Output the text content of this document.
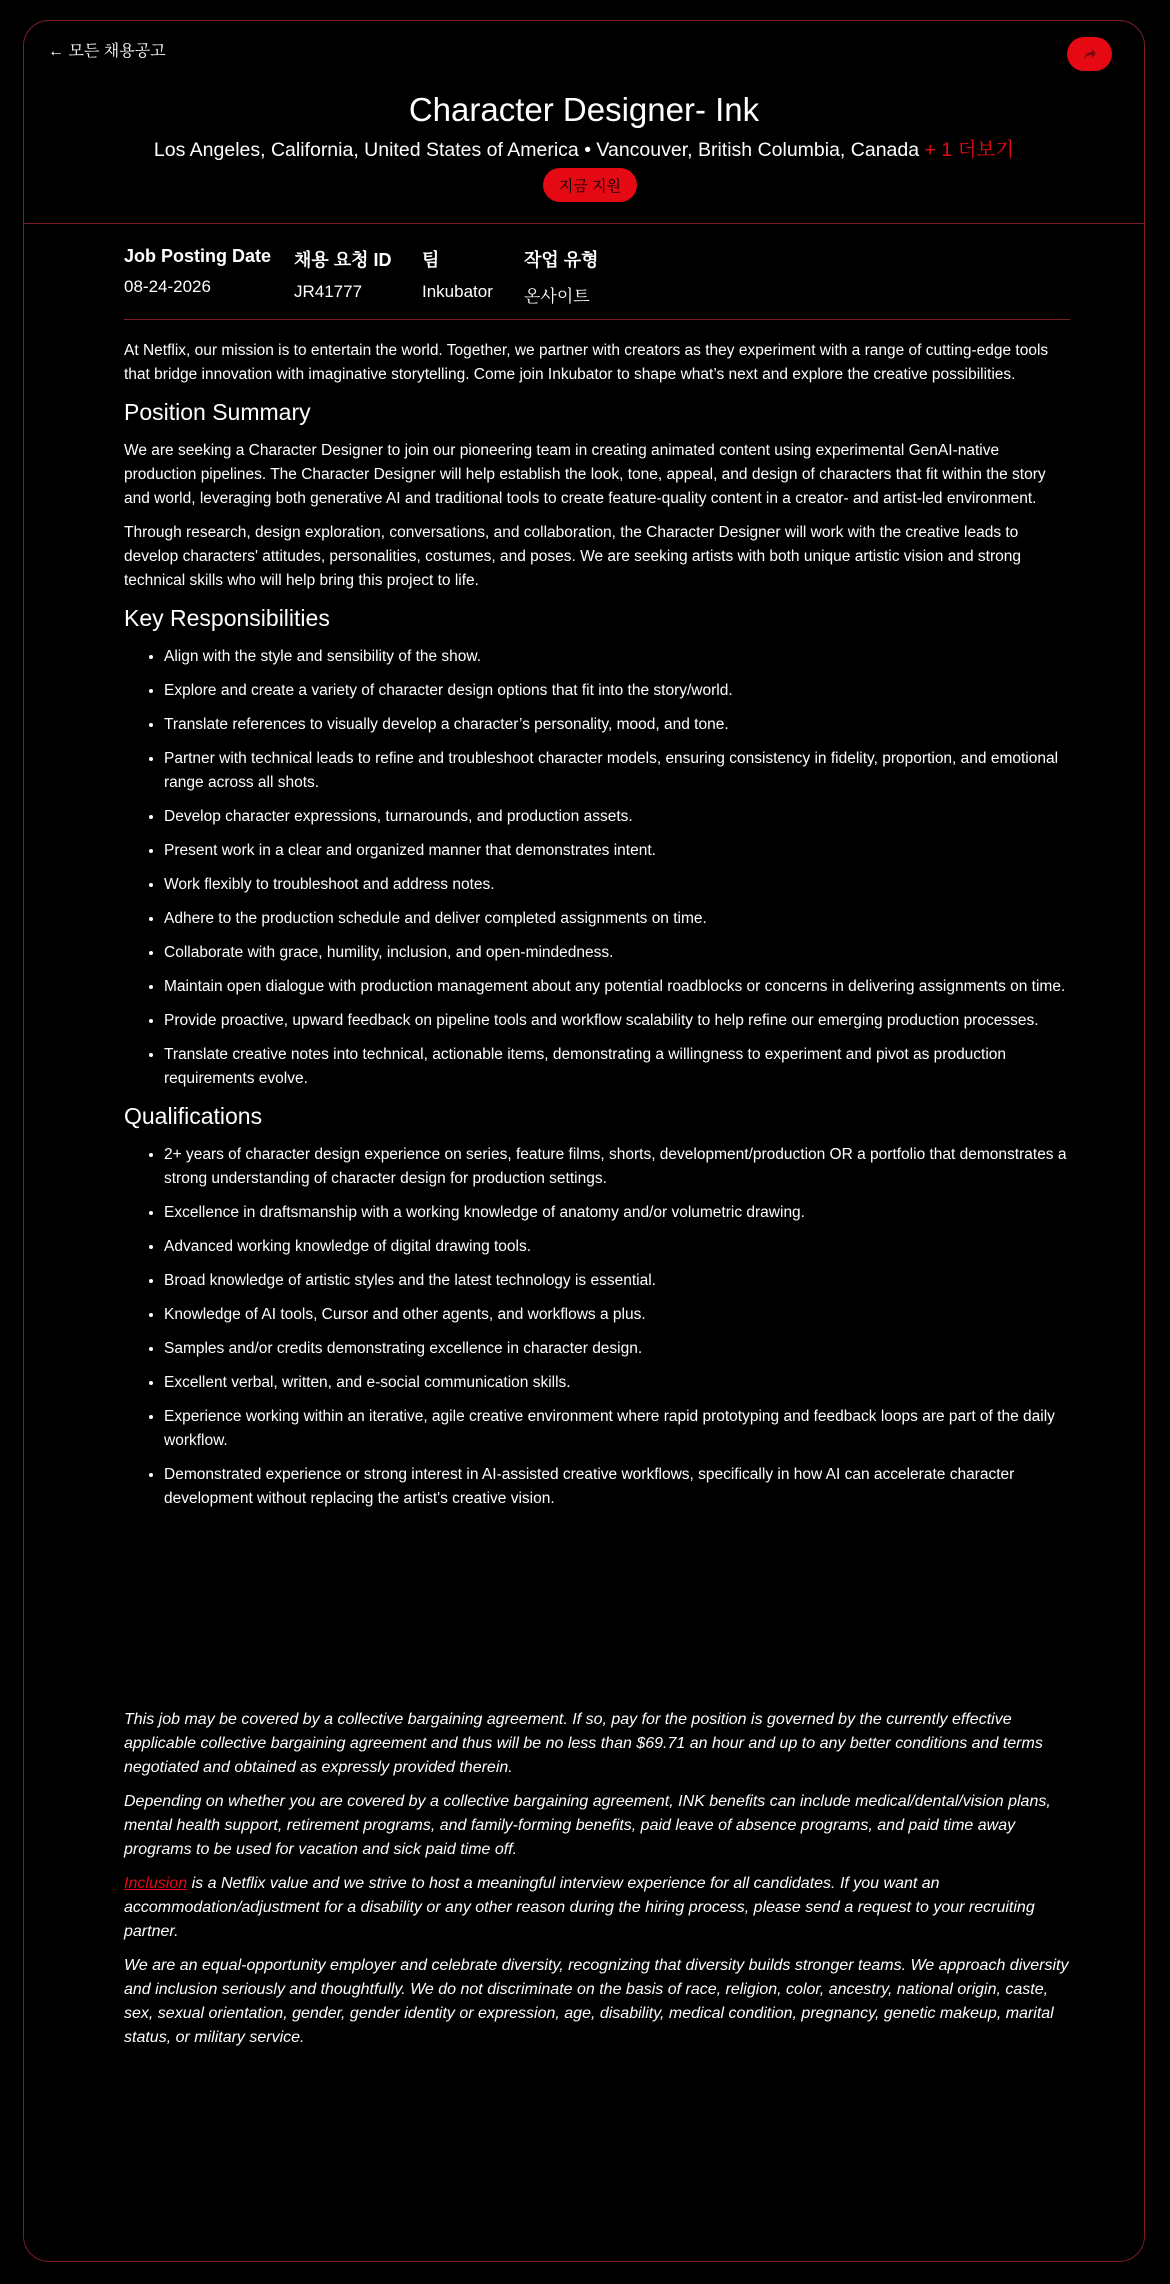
← 모든 채용공고
Character Designer- Ink
Los Angeles, California, United States of America • Vancouver, British Columbia, Canada + 1 더보기
지금 지원
Job Posting Date
08-24-2026
채용 요청 ID
JR41777
팀
Inkubator
작업 유형
온사이트

At Netflix, our mission is to entertain the world. Together, we partner with creators as they experiment with a range of cutting-edge tools that bridge innovation with imaginative storytelling. Come join Inkubator to shape what’s next and explore the creative possibilities.

Position Summary

We are seeking a Character Designer to join our pioneering team in creating animated content using experimental GenAI-native production pipelines. The Character Designer will help establish the look, tone, appeal, and design of characters that fit within the story and world, leveraging both generative AI and traditional tools to create feature-quality content in a creator- and artist-led environment.

Through research, design exploration, conversations, and collaboration, the Character Designer will work with the creative leads to develop characters' attitudes, personalities, costumes, and poses. We are seeking artists with both unique artistic vision and strong technical skills who will help bring this project to life.

Key Responsibilities
• Align with the style and sensibility of the show.
• Explore and create a variety of character design options that fit into the story/world.
• Translate references to visually develop a character’s personality, mood, and tone.
• Partner with technical leads to refine and troubleshoot character models, ensuring consistency in fidelity, proportion, and emotional range across all shots.
• Develop character expressions, turnarounds, and production assets.
• Present work in a clear and organized manner that demonstrates intent.
• Work flexibly to troubleshoot and address notes.
• Adhere to the production schedule and deliver completed assignments on time.
• Collaborate with grace, humility, inclusion, and open-mindedness.
• Maintain open dialogue with production management about any potential roadblocks or concerns in delivering assignments on time.
• Provide proactive, upward feedback on pipeline tools and workflow scalability to help refine our emerging production processes.
• Translate creative notes into technical, actionable items, demonstrating a willingness to experiment and pivot as production requirements evolve.
Qualifications
• 2+ years of character design experience on series, feature films, shorts, development/production OR a portfolio that demonstrates a strong understanding of character design for production settings.
• Excellence in draftsmanship with a working knowledge of anatomy and/or volumetric drawing.
• Advanced working knowledge of digital drawing tools.
• Broad knowledge of artistic styles and the latest technology is essential.
• Knowledge of AI tools, Cursor and other agents, and workflows a plus.
• Samples and/or credits demonstrating excellence in character design.
• Excellent verbal, written, and e-social communication skills.
• Experience working within an iterative, agile creative environment where rapid prototyping and feedback loops are part of the daily workflow.
• Demonstrated experience or strong interest in AI-assisted creative workflows, specifically in how AI can accelerate character development without replacing the artist's creative vision.

This job may be covered by a collective bargaining agreement. If so, pay for the position is governed by the currently effective applicable collective bargaining agreement and thus will be no less than $69.71 an hour and up to any better conditions and terms negotiated and obtained as expressly provided therein.

Depending on whether you are covered by a collective bargaining agreement, INK benefits can include medical/dental/vision plans, mental health support, retirement programs, and family-forming benefits, paid leave of absence programs, and paid time away programs to be used for vacation and sick paid time off.

Inclusion is a Netflix value and we strive to host a meaningful interview experience for all candidates. If you want an accommodation/adjustment for a disability or any other reason during the hiring process, please send a request to your recruiting partner.

We are an equal-opportunity employer and celebrate diversity, recognizing that diversity builds stronger teams. We approach diversity and inclusion seriously and thoughtfully. We do not discriminate on the basis of race, religion, color, ancestry, national origin, caste, sex, sexual orientation, gender, gender identity or expression, age, disability, medical condition, pregnancy, genetic makeup, marital status, or military service.
